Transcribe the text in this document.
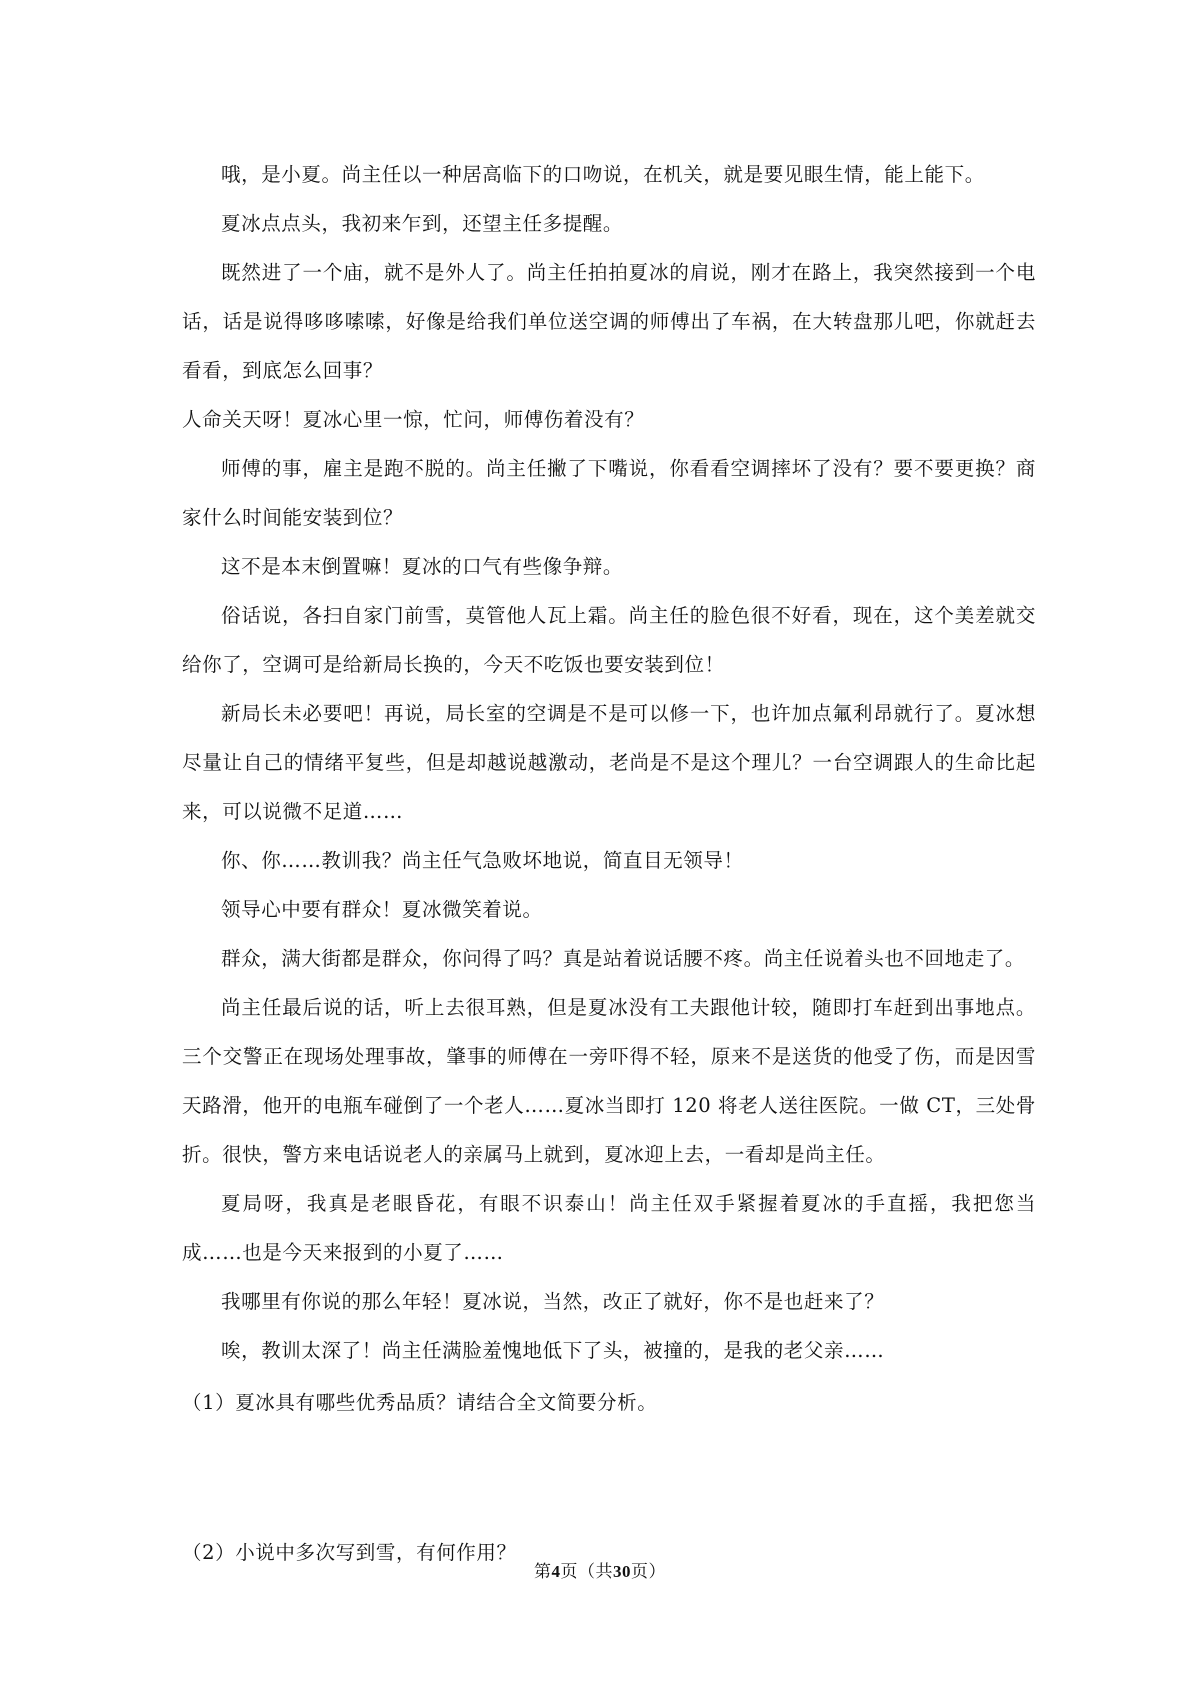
哦，是小夏。尚主任以一种居高临下的口吻说，在机关，就是要见眼生情，能上能下。

夏冰点点头，我初来乍到，还望主任多提醒。

既然进了一个庙，就不是外人了。尚主任拍拍夏冰的肩说，刚才在路上，我突然接到一个电话，话是说得哆哆嗦嗦，好像是给我们单位送空调的师傅出了车祸，在大转盘那儿吧，你就赶去看看，到底怎么回事？

人命关天呀！夏冰心里一惊，忙问，师傅伤着没有？

师傅的事，雇主是跑不脱的。尚主任撇了下嘴说，你看看空调摔坏了没有？要不要更换？商家什么时间能安装到位？

这不是本末倒置嘛！夏冰的口气有些像争辩。

俗话说，各扫自家门前雪，莫管他人瓦上霜。尚主任的脸色很不好看，现在，这个美差就交给你了，空调可是给新局长换的，今天不吃饭也要安装到位！

新局长未必要吧！再说，局长室的空调是不是可以修一下，也许加点氟利昂就行了。夏冰想尽量让自己的情绪平复些，但是却越说越激动，老尚是不是这个理儿？一台空调跟人的生命比起来，可以说微不足道……

你、你……教训我？尚主任气急败坏地说，简直目无领导！

领导心中要有群众！夏冰微笑着说。

群众，满大街都是群众，你问得了吗？真是站着说话腰不疼。尚主任说着头也不回地走了。

尚主任最后说的话，听上去很耳熟，但是夏冰没有工夫跟他计较，随即打车赶到出事地点。三个交警正在现场处理事故，肇事的师傅在一旁吓得不轻，原来不是送货的他受了伤，而是因雪天路滑，他开的电瓶车碰倒了一个老人……夏冰当即打 120 将老人送往医院。一做 CT，三处骨折。很快，警方来电话说老人的亲属马上就到，夏冰迎上去，一看却是尚主任。

夏局呀，我真是老眼昏花，有眼不识泰山！尚主任双手紧握着夏冰的手直摇，我把您当成……也是今天来报到的小夏了……

我哪里有你说的那么年轻！夏冰说，当然，改正了就好，你不是也赶来了？

唉，教训太深了！尚主任满脸羞愧地低下了头，被撞的，是我的老父亲……

（1）夏冰具有哪些优秀品质？请结合全文简要分析。

（2）小说中多次写到雪，有何作用？

第4页（共30页）
